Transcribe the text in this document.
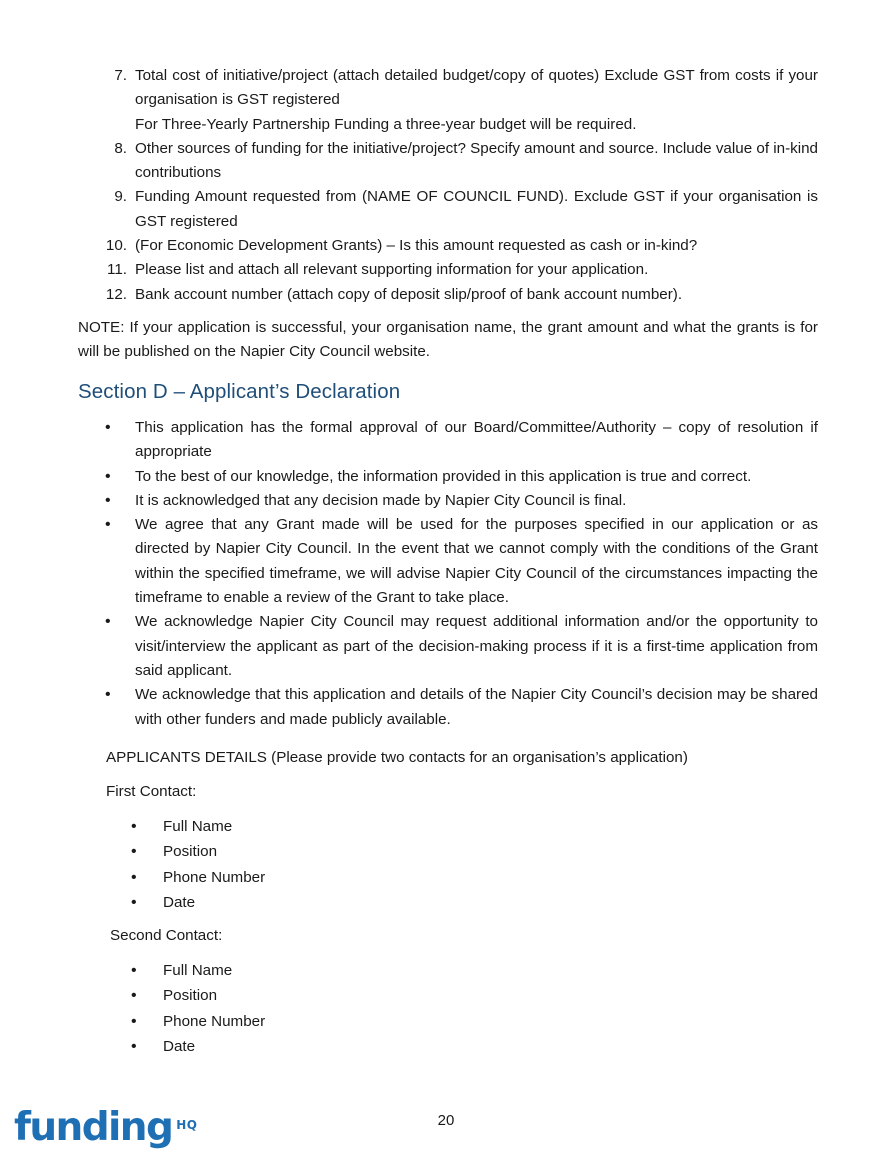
7. Total cost of initiative/project (attach detailed budget/copy of quotes) Exclude GST from costs if your organisation is GST registered
For Three-Yearly Partnership Funding a three-year budget will be required.
8. Other sources of funding for the initiative/project? Specify amount and source. Include value of in-kind contributions
9. Funding Amount requested from (NAME OF COUNCIL FUND). Exclude GST if your organisation is GST registered
10. (For Economic Development Grants) – Is this amount requested as cash or in-kind?
11. Please list and attach all relevant supporting information for your application.
12. Bank account number (attach copy of deposit slip/proof of bank account number).
NOTE: If your application is successful, your organisation name, the grant amount and what the grants is for will be published on the Napier City Council website.
Section D – Applicant’s Declaration
•	This application has the formal approval of our Board/Committee/Authority – copy of resolution if appropriate
•	To the best of our knowledge, the information provided in this application is true and correct.
•	It is acknowledged that any decision made by Napier City Council is final.
•	We agree that any Grant made will be used for the purposes specified in our application or as directed by Napier City Council. In the event that we cannot comply with the conditions of the Grant within the specified timeframe, we will advise Napier City Council of the circumstances impacting the timeframe to enable a review of the Grant to take place.
•	We acknowledge Napier City Council may request additional information and/or the opportunity to visit/interview the applicant as part of the decision-making process if it is a first-time application from said applicant.
•	We acknowledge that this application and details of the Napier City Council’s decision may be shared with other funders and made publicly available.
APPLICANTS DETAILS (Please provide two contacts for an organisation’s application)
First Contact:
•	Full Name
•	Position
•	Phone Number
•	Date
Second Contact:
•	Full Name
•	Position
•	Phone Number
•	Date
funding HQ	20
